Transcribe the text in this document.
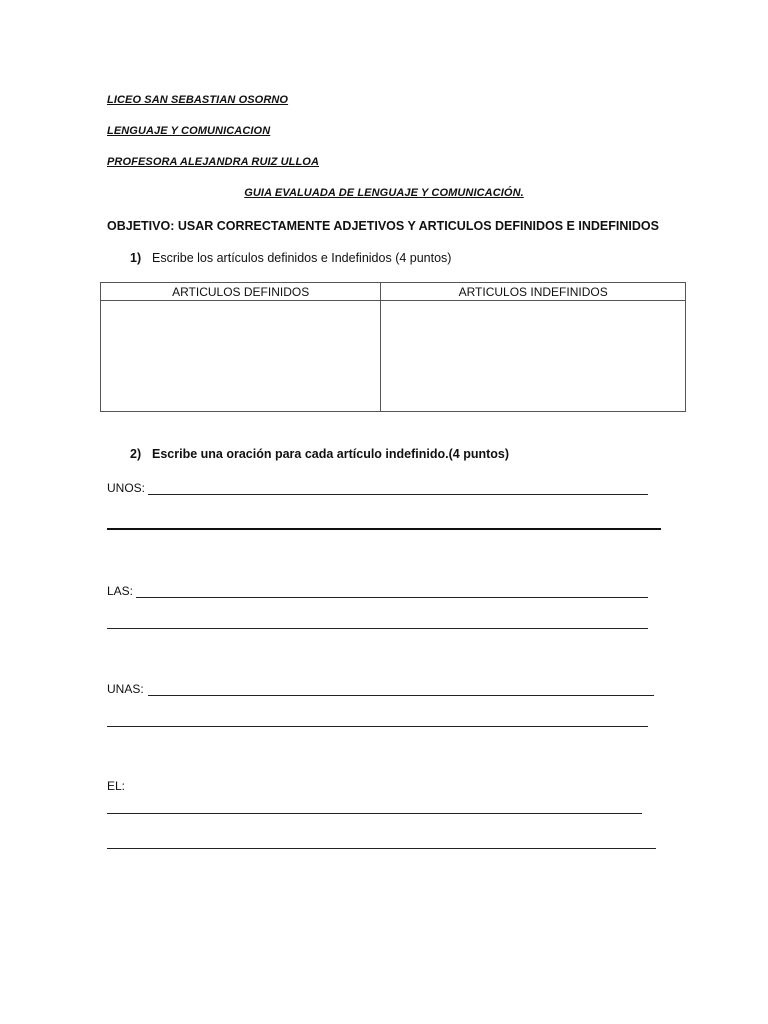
LICEO SAN SEBASTIAN OSORNO
LENGUAJE Y COMUNICACION
PROFESORA ALEJANDRA RUIZ ULLOA
GUIA EVALUADA DE LENGUAJE Y COMUNICACIÓN.
OBJETIVO: USAR CORRECTAMENTE ADJETIVOS Y ARTICULOS DEFINIDOS E INDEFINIDOS
1) Escribe los artículos definidos e Indefinidos (4 puntos)
ARTICULOS DEFINIDOS	ARTICULOS INDEFINIDOS

2) Escribe una oración para cada artículo indefinido.(4 puntos)
UNOS:
LAS:
UNAS:
EL:
